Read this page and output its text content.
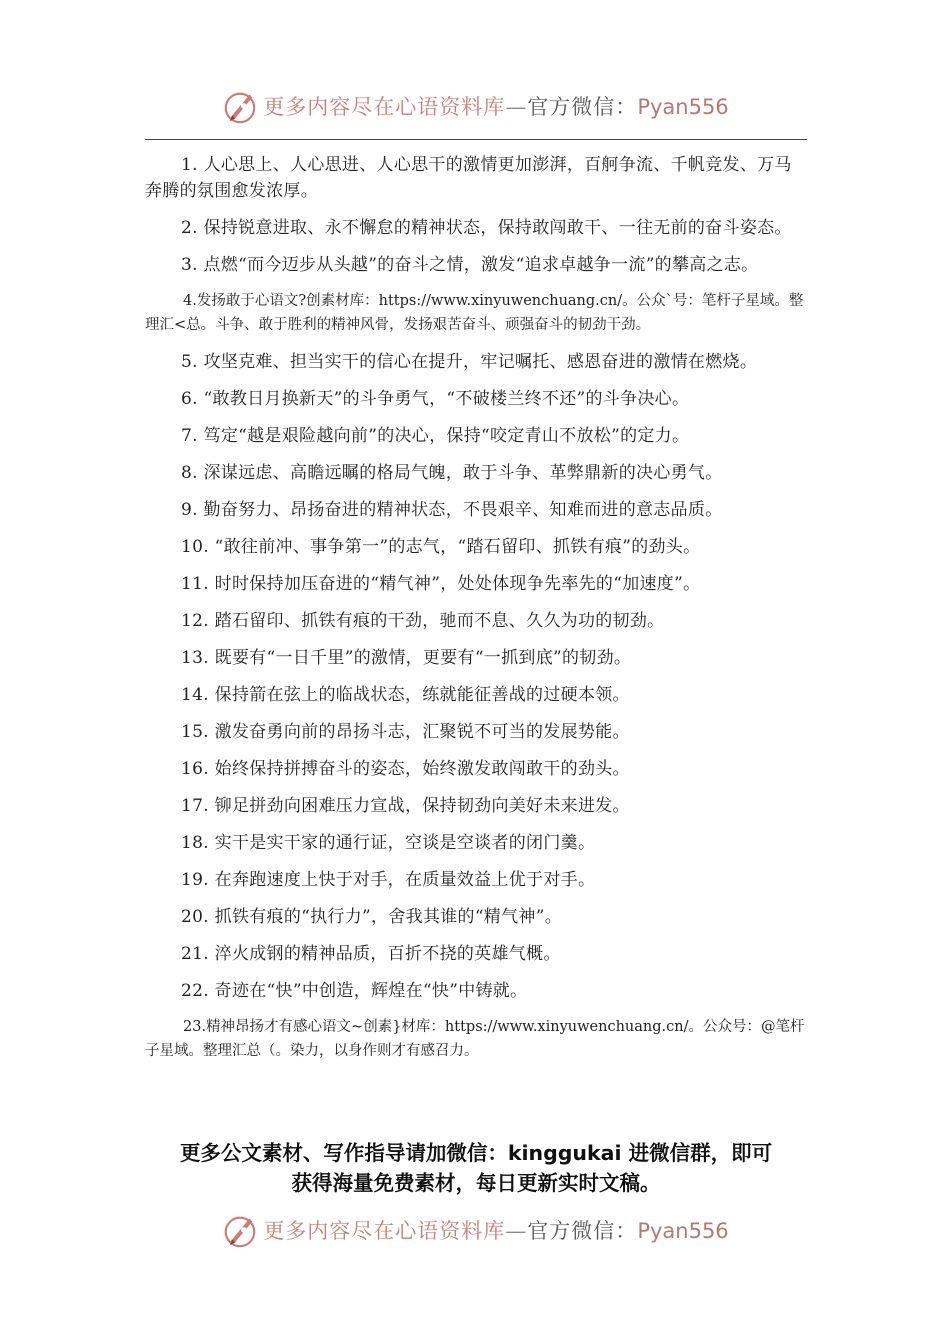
更多内容尽在心语资料库—官方微信：Pyan556

1. 人心思上、人心思进、人心思干的激情更加澎湃，百舸争流、千帆竞发、万马奔腾的氛围愈发浓厚。

2. 保持锐意进取、永不懈怠的精神状态，保持敢闯敢干、一往无前的奋斗姿态。

3. 点燃“而今迈步从头越”的奋斗之情，激发“追求卓越争一流”的攀高之志。

4.发扬敢于心语文?创素材库：https://www.xinyuwenchuang.cn/。公众`号：笔杆子星域。整理汇<总。斗争、敢于胜利的精神风骨，发扬艰苦奋斗、顽强奋斗的韧劲干劲。

5. 攻坚克难、担当实干的信心在提升，牢记嘱托、感恩奋进的激情在燃烧。
6. “敢教日月换新天”的斗争勇气，“不破楼兰终不还”的斗争决心。
7. 笃定“越是艰险越向前”的决心，保持“咬定青山不放松”的定力。
8. 深谋远虑、高瞻远瞩的格局气魄，敢于斗争、革弊鼎新的决心勇气。
9. 勤奋努力、昂扬奋进的精神状态，不畏艰辛、知难而进的意志品质。
10. “敢往前冲、事争第一”的志气，“踏石留印、抓铁有痕”的劲头。
11. 时时保持加压奋进的“精气神”，处处体现争先率先的“加速度”。
12. 踏石留印、抓铁有痕的干劲，驰而不息、久久为功的韧劲。
13. 既要有“一日千里”的激情，更要有“一抓到底”的韧劲。
14. 保持箭在弦上的临战状态，练就能征善战的过硬本领。
15. 激发奋勇向前的昂扬斗志，汇聚锐不可当的发展势能。
16. 始终保持拼搏奋斗的姿态，始终激发敢闯敢干的劲头。
17. 铆足拼劲向困难压力宣战，保持韧劲向美好未来进发。
18. 实干是实干家的通行证，空谈是空谈者的闭门羹。
19. 在奔跑速度上快于对手，在质量效益上优于对手。
20. 抓铁有痕的“执行力”，舍我其谁的“精气神”。
21. 淬火成钢的精神品质，百折不挠的英雄气概。
22. 奇迹在“快”中创造，辉煌在“快”中铸就。

23.精神昂扬才有感心语文~创素}材库：https://www.xinyuwenchuang.cn/。公众号：@笔杆子星域。整理汇总（。染力，以身作则才有感召力。

更多公文素材、写作指导请加微信：kinggukai 进微信群，即可
获得海量免费素材，每日更新实时文稿。
更多内容尽在心语资料库—官方微信：Pyan556
